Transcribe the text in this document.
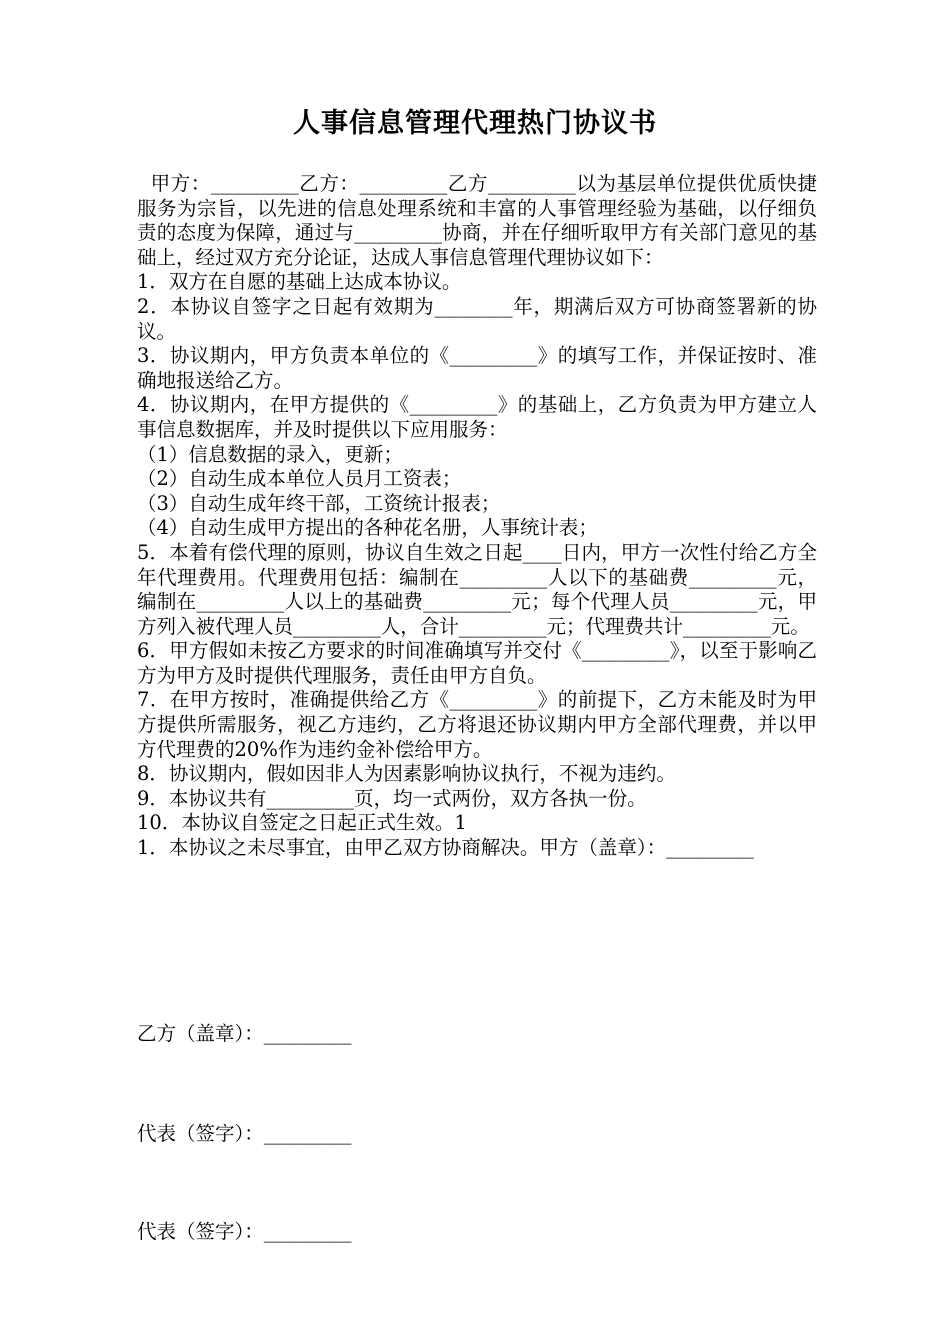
人事信息管理代理热门协议书

甲方：_________乙方：_________乙方_________以为基层单位提供优质快捷服务为宗旨，以先进的信息处理系统和丰富的人事管理经验为基础，以仔细负责的态度为保障，通过与_________协商，并在仔细听取甲方有关部门意见的基础上，经过双方充分论证，达成人事信息管理代理协议如下：

1．双方在自愿的基础上达成本协议。

2．本协议自签字之日起有效期为________年，期满后双方可协商签署新的协议。

3．协议期内，甲方负责本单位的《_________》的填写工作，并保证按时、准确地报送给乙方。

4．协议期内，在甲方提供的《_________》的基础上，乙方负责为甲方建立人事信息数据库，并及时提供以下应用服务：

（1）信息数据的录入，更新；

（2）自动生成本单位人员月工资表；

（3）自动生成年终干部，工资统计报表；

（4）自动生成甲方提出的各种花名册，人事统计表；

5．本着有偿代理的原则，协议自生效之日起____日内，甲方一次性付给乙方全年代理费用。代理费用包括：编制在_________人以下的基础费_________元，编制在_________人以上的基础费_________元；每个代理人员_________元，甲方列入被代理人员_________人，合计_________元；代理费共计_________元。

6．甲方假如未按乙方要求的时间准确填写并交付《_________》，以至于影响乙方为甲方及时提供代理服务，责任由甲方自负。

7．在甲方按时，准确提供给乙方《_________》的前提下，乙方未能及时为甲方提供所需服务，视乙方违约，乙方将退还协议期内甲方全部代理费，并以甲方代理费的20%作为违约金补偿给甲方。

8．协议期内，假如因非人为因素影响协议执行，不视为违约。

9．本协议共有_________页，均一式两份，双方各执一份。

10．本协议自签定之日起正式生效。1

1．本协议之未尽事宜，由甲乙双方协商解决。甲方（盖章）：_________

乙方（盖章）：_________
代表（签字）：_________
代表（签字）：_________
